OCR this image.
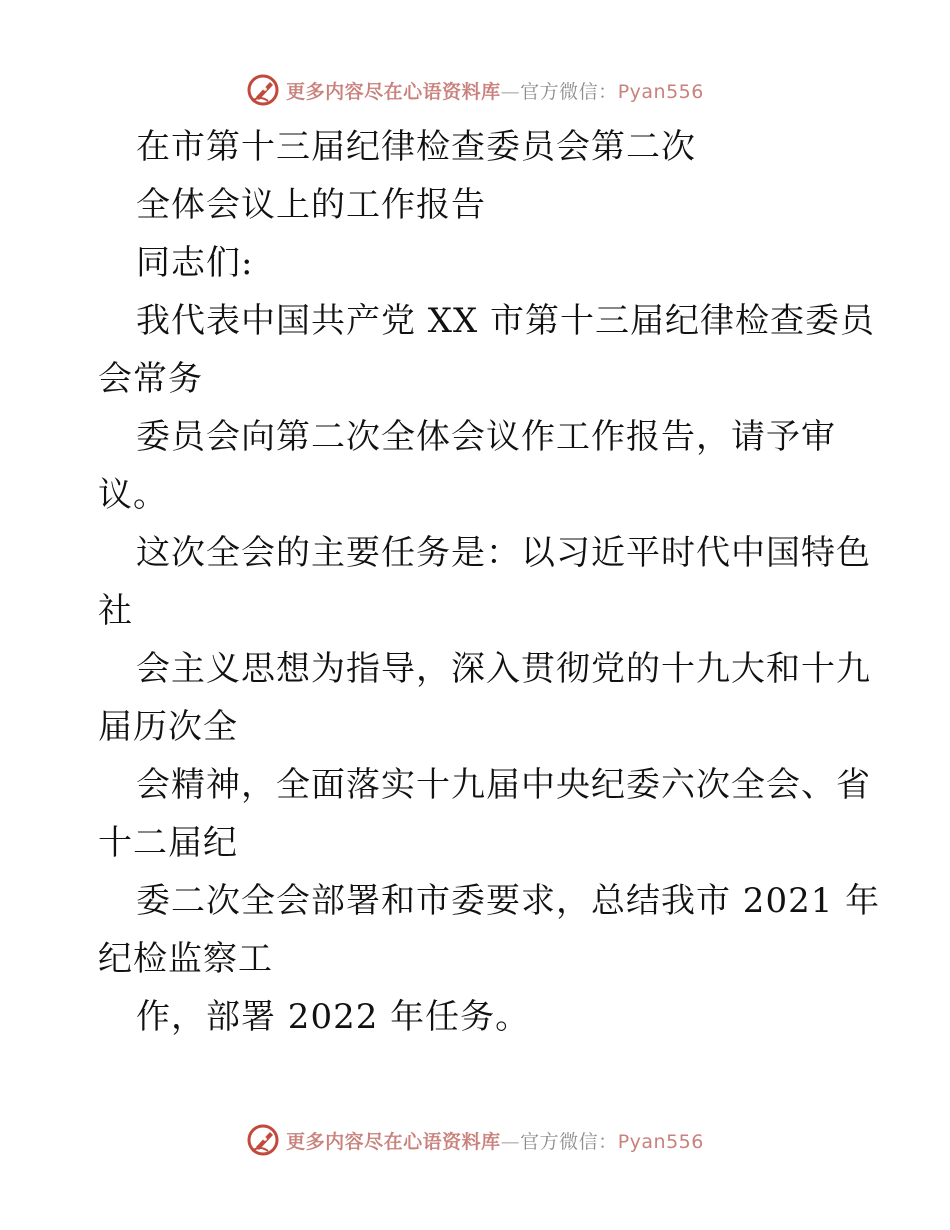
更多内容尽在心语资料库—官方微信：Pyan556
在市第十三届纪律检查委员会第二次
全体会议上的工作报告
同志们:
我代表中国共产党 XX 市第十三届纪律检查委员
会常务
委员会向第二次全体会议作工作报告，请予审
议。
这次全会的主要任务是：以习近平时代中国特色
社
会主义思想为指导，深入贯彻党的十九大和十九
届历次全
会精神，全面落实十九届中央纪委六次全会、省
十二届纪
委二次全会部署和市委要求，总结我市 2021 年
纪检监察工
作，部署 2022 年任务。
更多内容尽在心语资料库—官方微信：Pyan556
